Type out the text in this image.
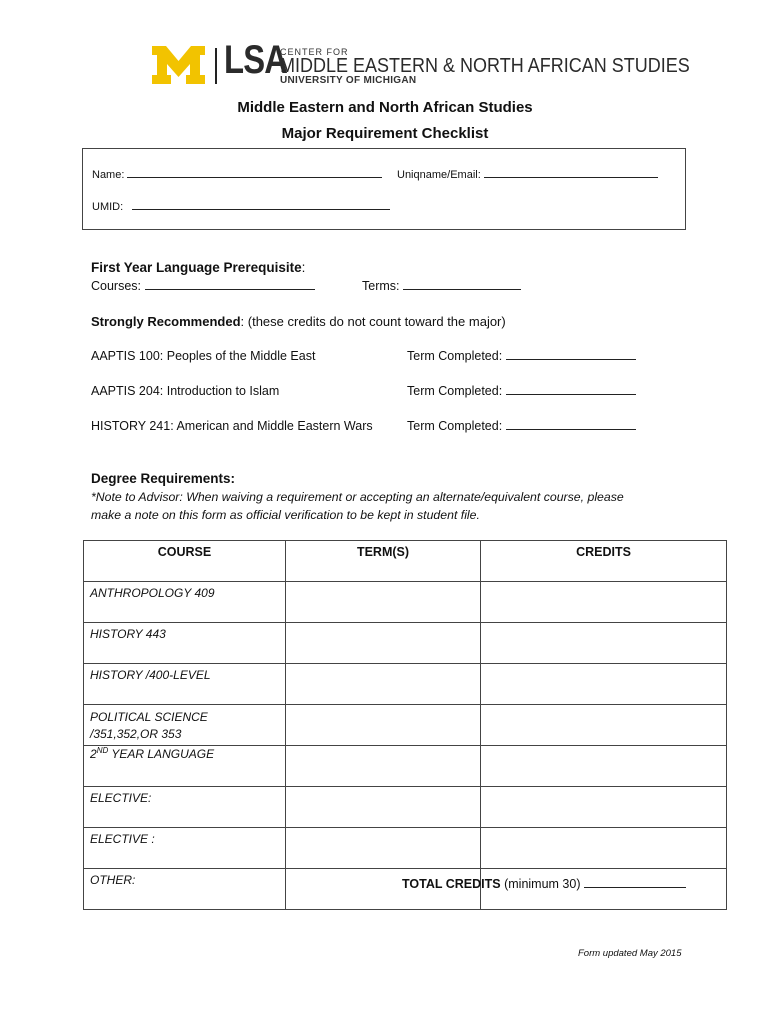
LSA
CENTER FOR
MIDDLE EASTERN & NORTH AFRICAN STUDIES
UNIVERSITY OF MICHIGAN
Middle Eastern and North African Studies
Major Requirement Checklist
Name:	Uniqname/Email:
UMID:
First Year Language Prerequisite:
Courses:	Terms:
Strongly Recommended: (these credits do not count toward the major)
AAPTIS 100: Peoples of the Middle East	Term Completed:
AAPTIS 204: Introduction to Islam	Term Completed:
HISTORY 241: American and Middle Eastern Wars	Term Completed:
Degree Requirements:
*Note to Advisor: When waiving a requirement or accepting an alternate/equivalent course, please
make a note on this form as official verification to be kept in student file.
COURSE	TERM(S)	CREDITS
ANTHROPOLOGY 409		
HISTORY 443		
HISTORY /400-LEVEL		
POLITICAL SCIENCE /351,352,OR 353		
2ND YEAR LANGUAGE		
ELECTIVE:		
ELECTIVE :		
OTHER:			TOTAL CREDITS (minimum 30)
Form updated May 2015
